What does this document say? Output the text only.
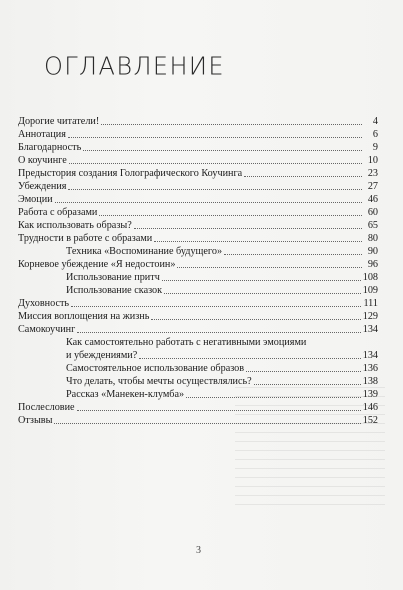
ОГЛАВЛЕНИЕ
Дорогие читатели!	4
Аннотация	6
Благодарность	9
О коучинге	10
Предыстория создания Голографического Коучинга	23
Убеждения	27
Эмоции	46
Работа с образами	60
Как использовать образы?	65
Трудности в работе с образами	80
Техника «Воспоминание будущего»	90
Корневое убеждение «Я недостоин»	96
Использование притч	108
Использование сказок	109
Духовность	111
Миссия воплощения на жизнь	129
Самокоучинг	134
Как самостоятельно работать с негативными эмоциями
и убеждениями?	134
Самостоятельное использование образов	136
Что делать, чтобы мечты осуществлялись?	138
Рассказ «Манекен-клумба»	139
Послесловие	146
Отзывы	152
3
